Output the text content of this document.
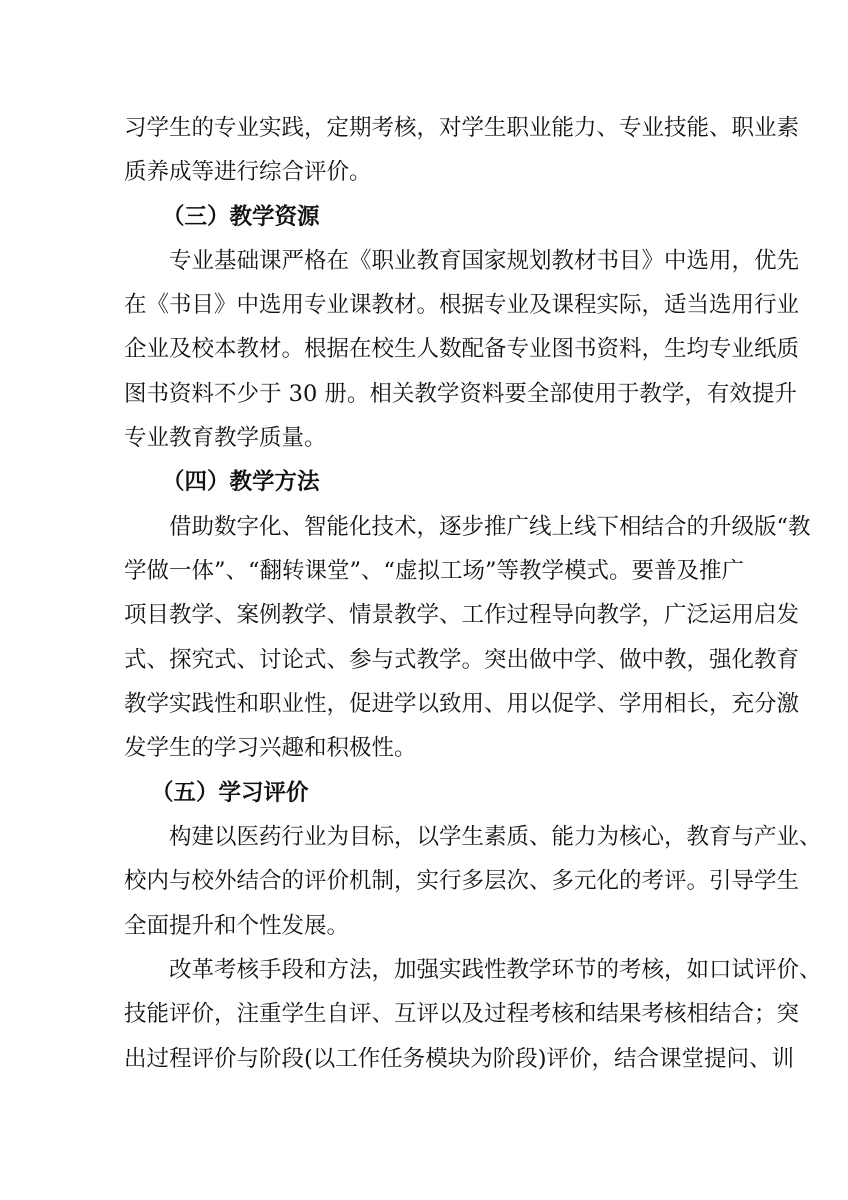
习学生的专业实践，定期考核，对学生职业能力、专业技能、职业素
质养成等进行综合评价。
（三）教学资源
专业基础课严格在《职业教育国家规划教材书目》中选用，优先
在《书目》中选用专业课教材。根据专业及课程实际，适当选用行业
企业及校本教材。根据在校生人数配备专业图书资料，生均专业纸质
图书资料不少于 30 册。相关教学资料要全部使用于教学，有效提升
专业教育教学质量。
（四）教学方法
借助数字化、智能化技术，逐步推广线上线下相结合的升级版“教
学做一体”、“翻转课堂”、“虚拟工场”等教学模式。要普及推广
项目教学、案例教学、情景教学、工作过程导向教学，广泛运用启发
式、探究式、讨论式、参与式教学。突出做中学、做中教，强化教育
教学实践性和职业性，促进学以致用、用以促学、学用相长，充分激
发学生的学习兴趣和积极性。
（五）学习评价
构建以医药行业为目标，以学生素质、能力为核心，教育与产业、
校内与校外结合的评价机制，实行多层次、多元化的考评。引导学生
全面提升和个性发展。
改革考核手段和方法，加强实践性教学环节的考核，如口试评价、
技能评价，注重学生自评、互评以及过程考核和结果考核相结合；突
出过程评价与阶段(以工作任务模块为阶段)评价，结合课堂提问、训
